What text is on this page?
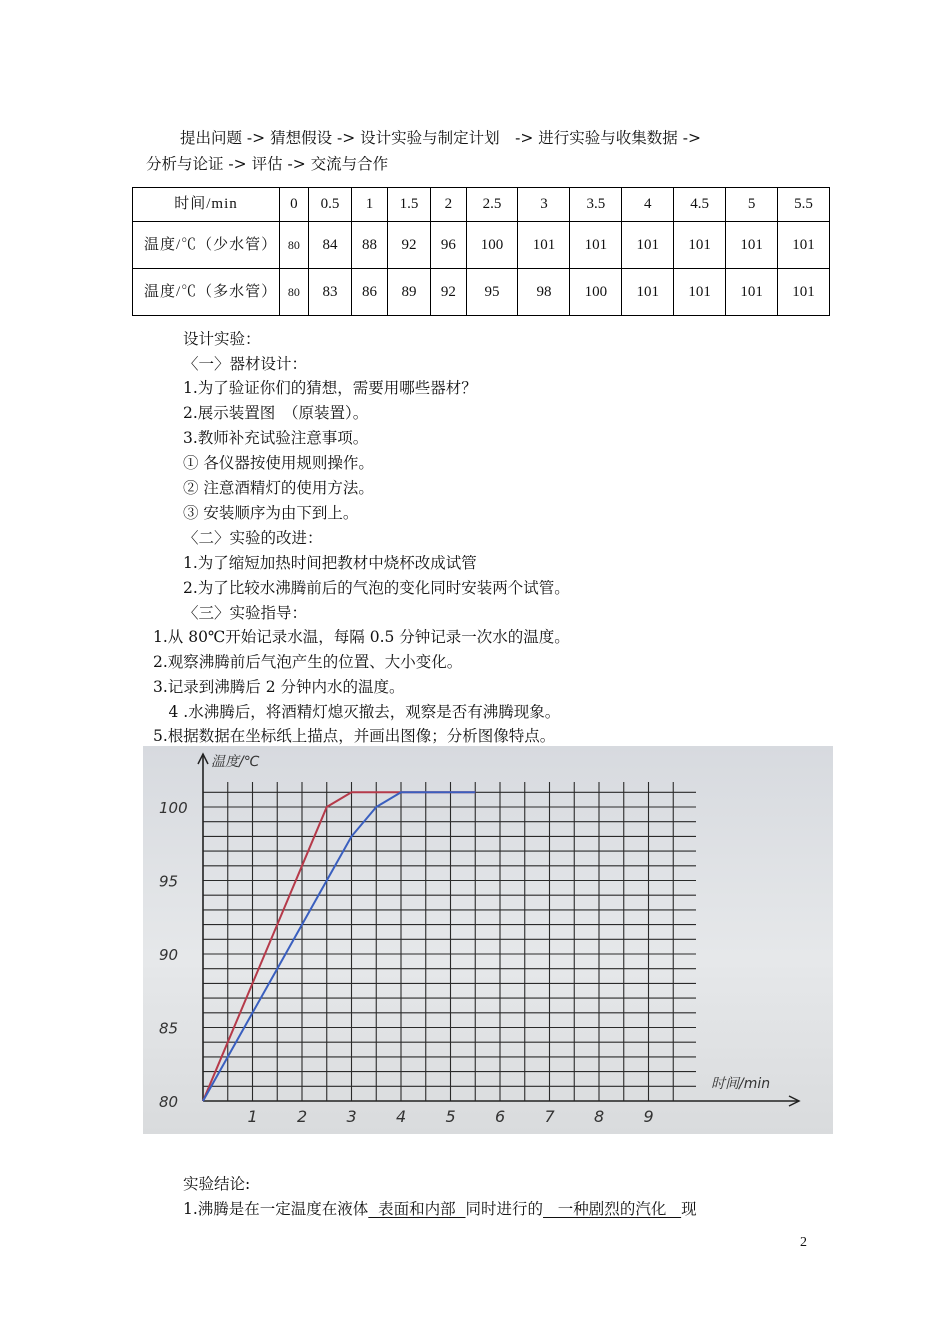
提出问题 -> 猜想假设 -> 设计实验与制定计划　-> 进行实验与收集数据 ->
分析与论证 -> 评估 -> 交流与合作
时间/min	0	0.5	1	1.5	2	2.5	3	3.5	4	4.5	5	5.5
温度/℃（少水管）	80	84	88	92	96	100	101	101	101	101	101	101
温度/℃（多水管）	80	83	86	89	92	95	98	100	101	101	101	101
设计实验：
〈一〉器材设计：
1.为了验证你们的猜想，需要用哪些器材？
2.展示装置图　（原装置）。
3.教师补充试验注意事项。
① 各仪器按使用规则操作。
② 注意酒精灯的使用方法。
③ 安装顺序为由下到上。
〈二〉实验的改进：
1.为了缩短加热时间把教材中烧杯改成试管
2.为了比较水沸腾前后的气泡的变化同时安装两个试管。
〈三〉实验指导：
1.从 80℃开始记录水温，每隔 0.5 分钟记录一次水的温度。
2.观察沸腾前后气泡产生的位置、大小变化。
3.记录到沸腾后 2 分钟内水的温度。
　4 .水沸腾后，将酒精灯熄灭撤去，观察是否有沸腾现象。
5.根据数据在坐标纸上描点，并画出图像；分析图像特点。
1 2 3 4 5 6 7 8 9
80
85
90
95
100
温度/℃
时间/min
实验结论:
1.沸腾是在一定温度在液体  表面和内部  同时进行的   一种剧烈的汽化   现
2
